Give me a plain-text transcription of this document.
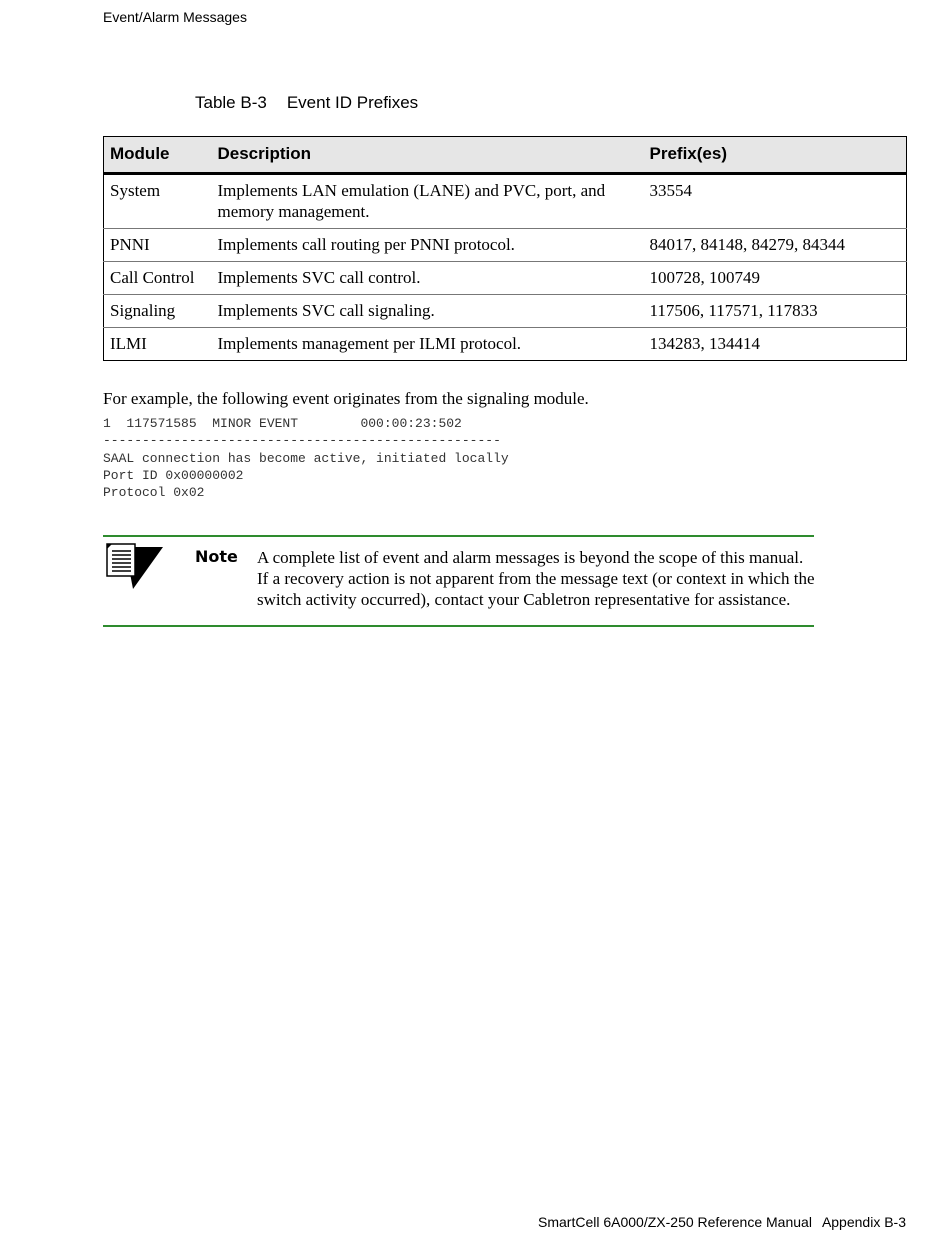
Event/Alarm Messages
Table B-3 Event ID Prefixes
Module	Description	Prefix(es)
System	Implements LAN emulation (LANE) and PVC, port, and memory management.	33554
PNNI	Implements call routing per PNNI protocol.	84017, 84148, 84279, 84344
Call Control	Implements SVC call control.	100728, 100749
Signaling	Implements SVC call signaling.	117506, 117571, 117833
ILMI	Implements management per ILMI protocol.	134283, 134414
For example, the following event originates from the signaling module.
1  117571585  MINOR EVENT        000:00:23:502
---------------------------------------------------
SAAL connection has become active, initiated locally
Port ID 0x00000002
Protocol 0x02
Note A complete list of event and alarm messages is beyond the scope of this manual. If a recovery action is not apparent from the message text (or context in which the switch activity occurred), contact your Cabletron representative for assistance.
SmartCell 6A000/ZX-250 Reference Manual Appendix B-3
